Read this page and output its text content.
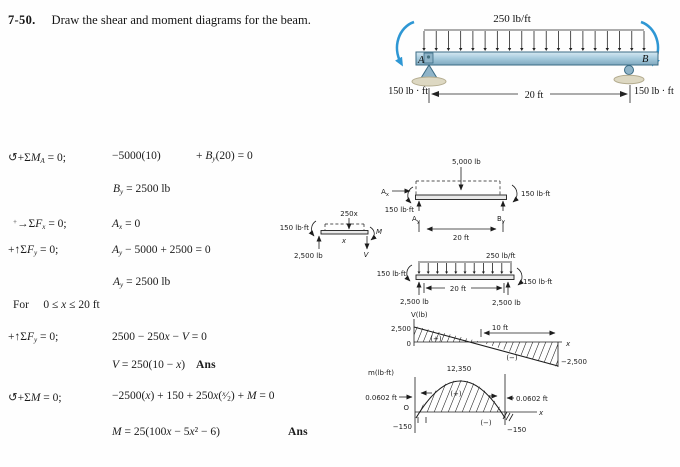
7-50. Draw the shear and moment diagrams for the beam.
$↺+\Sigma M_A = 0$;	−5000(10)	+ $B_y(20) = 0$
$B_y = 2500$ lb
$^+\to\Sigma F_x = 0$;	$A_x = 0$
$+↑\Sigma F_y = 0$;	$A_y - 5000 + 2500 = 0$
$A_y = 2500$ lb
For     0 ≤ x ≤ 20 ft
$+↑\Sigma F_y = 0$;	2500 − 250x − V = 0
V = 250(10 − x) Ans
↺+ΣM = 0;	$-2500(x) + 150 + 250x(^x⁄_2) + M = 0$
M = 25(100x − 5x² − 6)	Ans
250 lb/ft
A	B
20 ft
150 lb · ft	150 lb · ft
5,000 lb
$A_x$
150 lb·ft
$A_y$	$B_y$
20 ft
150 lb·ft
150 lb·ft
250x
x
V
M
2,500 lb
150 lb·ft
250 lb/ft
150 lb·ft
2,500 lb	2,500 lb
20 ft
V(lb)
2,500
0
(+)
(−)
10 ft
x
−2,500
m(lb·ft)	12,350
0.0602 ft	0.0602 ft
O
−150
(+)
(−)
−150
x
